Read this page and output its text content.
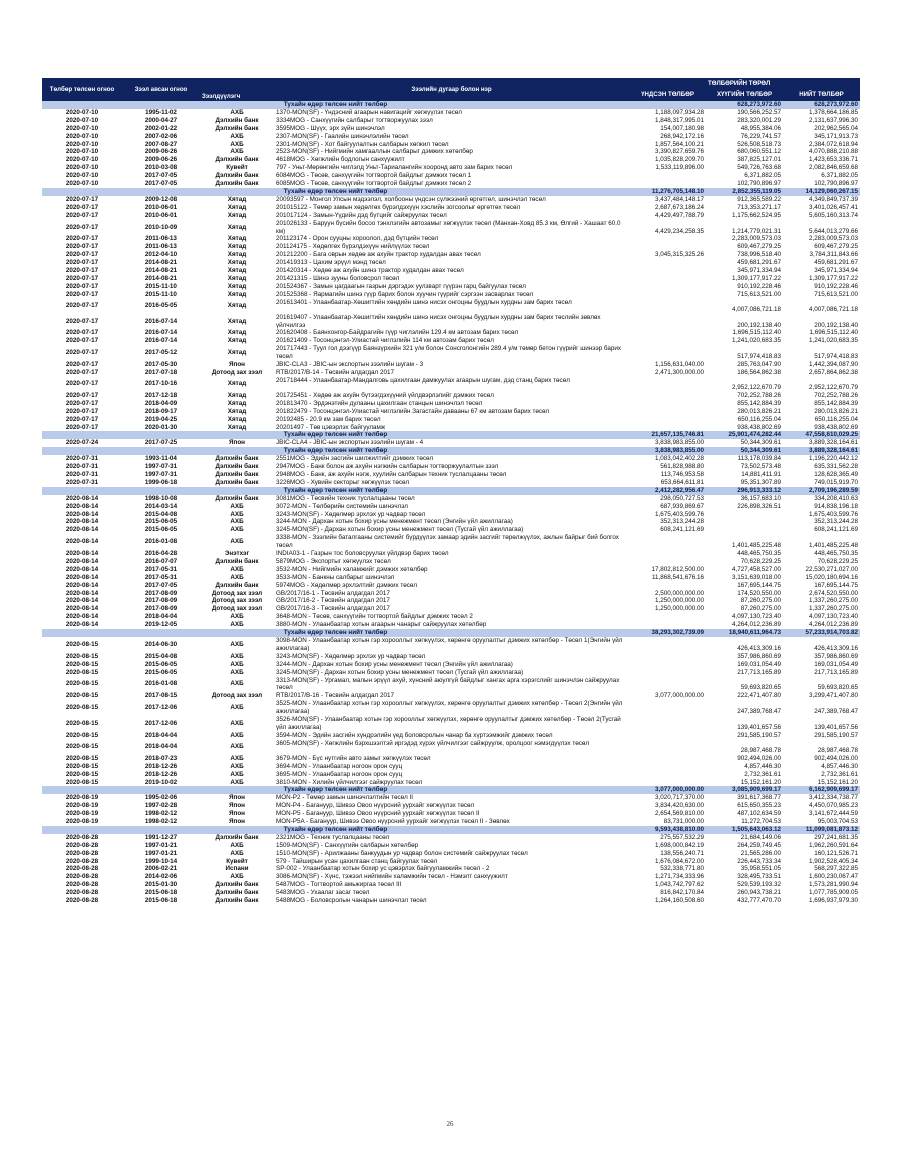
Төлбөр төлсөн огноо	Зээл авсан огноо	Зээлдүүлэгч	Зээлийн дугаар болон нэр		ТӨЛБӨРИЙН ТӨРӨЛ	
				ҮНДСЭН ТӨЛБӨР	ХҮҮГИЙН ТӨЛБӨР	НИЙТ ТӨЛБӨР
Тухайн өдөр төлсөн нийт төлбөр					628,273,972.60	628,273,972.60
2020-07-10	1995-11-02	АХБ	1370-MON(SF) - Үндэсний агаарын навигацийг хөгжүүлэх төсөл	1,188,097,934.28	190,566,252.57	1,378,664,186.85
2020-07-10	2000-04-27	Дэлхийн банк	3334MOG - Санхүүгийн салбарыг тогтворжуулах зээл	1,848,317,995.01	283,320,001.29	2,131,637,996.30
2020-07-10	2002-01-22	Дэлхийн банк	3595MOG - Шүүх, эрх зүйн шинэчлэл	154,007,180.98	48,955,384.06	202,962,565.04
2020-07-10	2007-02-06	АХБ	2307-MON(SF) - Гаалийн шинэчлэлийн төсөл	268,942,172.16	76,229,741.57	345,171,913.73
2020-07-10	2007-08-27	АХБ	2301-MON(SF) - Хот байгуулалтын салбарын хөгжил төсөл	1,857,564,100.21	526,508,518.73	2,384,072,618.94
2020-07-10	2009-06-26	АХБ	2523-MON(SF) - Нийгмийн хамгааллын салбарыг дэмжих хөтөлбөр	3,390,827,659.76	680,060,551.12	4,070,888,210.88
2020-07-10	2009-06-26	Дэлхийн банк	4618MOG - Хөгжлийн бодлогын санхүүжилт	1,035,828,209.70	387,825,127.01	1,423,653,336.71
2020-07-10	2010-03-08	Кувейт	797 - Уньт-Мөрөнгийн чиглэлд Уньт-Тариалангийн хооронд авто зам барих төсөл	1,533,119,896.00	549,726,763.68	2,082,846,659.68
2020-07-10	2017-07-05	Дэлхийн банк	6084MOG - Төсөв, санхүүгийн тогтвортой байдлыг дэмжих төсөл 1		6,371,882.05	6,371,882.05
2020-07-10	2017-07-05	Дэлхийн банк	6085MOG - Төсөв, санхүүгийн тогтвортой байдлыг дэмжих төсөл 2		102,790,896.97	102,790,896.97
Тухайн өдөр төлсөн нийт төлбөр				11,276,705,148.10	2,852,355,119.05	14,129,060,267.15
2020-07-17	2009-12-08	Хятад	20093597 - Монгол Улсын мэдээлэл, холбооны үндсэн сүлжээний өргөтгөл, шинэчлэл төсөл	3,437,484,148.17	912,365,589.22	4,349,849,737.39
2020-07-17	2010-06-01	Хятад	201015122 - Төмөр замын хөдөлгөх бүрэлдэхүүн хэслийн зогсоолыг өргөтгөх төсөл	2,687,673,186.24	713,353,271.17	3,401,026,457.41
2020-07-17	2010-06-01	Хятад	201017124 - Замын-Үүдийн дэд бүтцийг сайжруулах төсөл	4,429,497,788.79	1,175,662,524.95	5,605,160,313.74
2020-07-17	2010-10-09	Хятад	201026133 - Баруун бүсийн босоо тэнхлэгийн автозамыг хөгжүүлэх төсөл (Манхан-Ховд 85.3 км, Өлгий - Хашаат 60.0 км)	4,429,234,258.35	1,214,779,021.31	5,644,013,279.66
2020-07-17	2011-06-13	Хятад	201123174 - Орон сууцны хороолол, дэд бүтцийн төсөл		2,283,009,573.03	2,283,009,573.03
2020-07-17	2011-06-13	Хятад	201124175 - Хөдөлгөх бүрэлдэхүүн нийлүүлэх төсөл		609,467,279.25	609,467,279.25
2020-07-17	2012-04-10	Хятад	201212200 - Бага оврын хөдөө аж ахуйн трактор худалдан авах төсөл	3,045,315,325.26	738,996,518.40	3,784,311,843.66
2020-07-17	2014-08-21	Хятад	201419313 - Цахим эрүүл мэнд төсөл		459,681,291.67	459,681,291.67
2020-07-17	2014-08-21	Хятад	201420314 - Хөдөө аж ахуйн шинэ трактор худалдан авах төсөл		345,971,334.94	345,971,334.94
2020-07-17	2014-08-21	Хятад	201421315 - Шинэ зууны боловсрол төсөл		1,309,177,917.22	1,309,177,917.22
2020-07-17	2015-11-10	Хятад	201524367 - Замын цагдаагын газрын дэргэдэх уулзварт гүүрэн гарц байгуулах төсөл		910,192,228.46	910,192,228.46
2020-07-17	2015-11-10	Хятад	201525368 - Яармагийн шинэ гүүр барих болон хуучин гүүрийг сэргээн засварлах төсөл		715,613,521.00	715,613,521.00
2020-07-17	2016-05-05	Хятад	201613401 - Улаанбаатар-Хөшигтийн хөндийн шинэ нисэх онгоцны буудлын хурдны зам барих төсөл		4,007,086,721.18	4,007,086,721.18
2020-07-17	2016-07-14	Хятад	201619407 - Улаанбаатар-Хөшигтийн хөндийн шинэ нисэх онгоцны буудлын хурдны зам барих төслийн зөвлөх үйлчилгээ		200,192,138.40	200,192,138.40
2020-07-17	2016-07-14	Хятад	201620408 - Баянхонгор-Байдрагийн гүүр чиглэлийн 129.4 км автозам барих төсөл		1,696,515,112.40	1,696,515,112.40
2020-07-17	2016-07-14	Хятад	201621409 - Тосонцэнгэл-Улиастай чиглэлийн 114 км автозам барих төсөл		1,241,020,683.35	1,241,020,683.35
2020-07-17	2017-05-12	Хятад	201717443 - Туул гол дээгүүр Баянзүрхийн 321 у/м болон Сонсголонгийн 289.4 у/м төмөр бетон гүүрийг шинээр барих төсөл		517,974,418.83	517,974,418.83
2020-07-17	2017-05-30	Япон	JBIC-CLA3 - JBIC-ын экспортын зээлийн шугам - 3	1,156,631,040.00	285,763,047.90	1,442,394,087.90
2020-07-17	2017-07-18	Дотоод зах зээл	RTB/2017/B-14 - Төсвийн алдагдал 2017	2,471,300,000.00	186,564,862.38	2,657,864,862.38
2020-07-17	2017-10-16	Хятад	201718444 - Улаанбаатар-Мандалговь цахилгаан дамжуулах агаарын шугам, дэд станц барих төсөл		2,952,122,670.79	2,952,122,670.79
2020-07-17	2017-12-18	Хятад	201725451 - Хөдөө аж ахуйн бүтээгдэхүүний үйлдвэрлэлийг дэмжих төсөл		702,252,788.26	702,252,788.26
2020-07-17	2018-04-09	Хятад	201813470 - Эрдэнэтийн дулааны цахилгаан станцын шинэчлэл төсөл		855,142,884.39	855,142,884.39
2020-07-17	2018-09-17	Хятад	201822479 - Тосонцэнгэл-Улиастай чиглэлийн Загастайн давааны 67 км автозам барих төсөл		280,013,826.21	280,013,826.21
2020-07-17	2019-04-25	Хятад	20192485 - 20.9 км зам барих төсөл		650,116,255.04	650,116,255.04
2020-07-17	2020-01-30	Хятад	20201497 - Төв цэвэрлэх байгууламж		938,438,802.69	938,438,802.69
Тухайн өдөр төлсөн нийт төлбөр				21,657,135,746.81	25,901,474,282.44	47,558,610,029.25
2020-07-24	2017-07-25	Япон	JBIC-CLA4 - JBIC-ын экспортын зээлийн шугам - 4	3,838,983,855.00	50,344,309.61	3,889,328,164.61
Тухайн өдөр төлсөн нийт төлбөр				3,838,983,855.00	50,344,309.61	3,889,328,164.61
2020-07-31	1993-11-04	Дэлхийн банк	2551MOG - Эдийн засгийн шилжилтийг дэмжих төсөл	1,083,042,402.28	113,178,039.84	1,196,220,442.12
2020-07-31	1997-07-31	Дэлхийн банк	2947MOG - Банк болон аж ахуйн нэгжийн салбарын тогтворжуулалтын зээл	561,828,988.80	73,502,573.48	635,331,562.28
2020-07-31	1997-07-31	Дэлхийн банк	2948MOG - Банк, аж ахуйн нэгж, хуулийн салбарын техник туслалцааны төсөл	113,746,953.58	14,881,411.91	128,628,365.49
2020-07-31	1999-06-18	Дэлхийн банк	3226MOG - Хувийн секторыг хөгжүүлэх төсөл	653,664,611.81	95,351,307.89	749,015,919.70
Тухайн өдөр төлсөн нийт төлбөр				2,412,282,956.47	296,913,333.12	2,709,196,289.59
2020-08-14	1998-10-08	Дэлхийн банк	3081MOG - Төсвийн техник туслалцааны төсөл	298,050,727.53	36,157,683.10	334,208,410.63
2020-08-14	2014-03-14	АХБ	3072-MON - Төлбөрийн системийн шинэчлэл	687,939,869.67	226,898,326.51	914,838,196.18
2020-08-14	2015-04-08	АХБ	3243-MON(SF) - Хөдөлмөр эрхлэх ур чадвар төсөл	1,675,403,599.76		1,675,403,599.76
2020-08-14	2015-06-05	АХБ	3244-MON - Дархан хотын бохир усны менежмент төсөл (Энгийн үйл ажиллагаа)	352,313,244.28		352,313,244.28
2020-08-14	2015-06-05	АХБ	3245-MON(SF) - Дархан хотын бохир усны менежмент төсөл (Тусгай үйл ажиллагаа)	608,241,121.69		608,241,121.69
2020-08-14	2016-01-08	АХБ	3338-MON - Зээлийн баталгааны системийг бүрдүүлэх замаар эдийн засгийг төрөлжүүлэх, ажлын байрыг бий болгох төсөл		1,401,485,225.48	1,401,485,225.48
2020-08-14	2016-04-28	Энэтхэг	INDIA03-1 - Газрын тос боловсруулах үйлдвэр барих төсөл		448,465,750.35	448,465,750.35
2020-08-14	2016-07-07	Дэлхийн банк	5879MOG - Экспортыг хөгжүүлэх төсөл		70,628,229.25	70,628,229.25
2020-08-14	2017-05-31	АХБ	3532-MON - Нийгмийн халамжийг дэмжих хөтөлбөр	17,802,812,500.00	4,727,458,527.00	22,530,271,027.00
2020-08-14	2017-05-31	АХБ	3533-MON - Банкны салбарыг шинэчлэл	11,868,541,676.16	3,151,639,018.00	15,020,180,694.16
2020-08-14	2017-07-05	Дэлхийн банк	5974MOG - Хөдөлмөр эрхлэлтийг дэмжих төсөл		167,695,144.75	167,695,144.75
2020-08-14	2017-08-09	Дотоод зах зээл	GB/2017/16-1 - Төсвийн алдагдал 2017	2,500,000,000.00	174,520,550.00	2,674,520,550.00
2020-08-14	2017-08-09	Дотоод зах зээл	GB/2017/16-2 - Төсвийн алдагдал 2017	1,250,000,000.00	87,260,275.00	1,337,260,275.00
2020-08-14	2017-08-09	Дотоод зах зээл	GB/2017/16-3 - Төсвийн алдагдал 2017	1,250,000,000.00	87,260,275.00	1,337,260,275.00
2020-08-14	2018-04-04	АХБ	3648-MON - Төсөв, санхүүгийн тогтвортой байдлыг дэмжих төсөл 2		4,097,130,723.40	4,097,130,723.40
2020-08-14	2019-12-05	АХБ	3880-MON - Улаанбаатар хотын агаарын чанарыг сайжруулах хөтөлбөр		4,264,012,236.89	4,264,012,236.89
Тухайн өдөр төлсөн нийт төлбөр				38,293,302,739.09	18,940,611,964.73	57,233,914,703.82
2020-08-15	2014-06-30	АХБ	3098-MON - Улаанбаатар хотын гэр хорооллыг хөгжүүлэх, хөрөнгө оруулалтыг дэмжих хөтөлбөр - Төсөл 1(Энгийн үйл ажиллагаа)		426,413,309.16	426,413,309.16
2020-08-15	2015-04-08	АХБ	3243-MON(SF) - Хөдөлмөр эрхлэх ур чадвар төсөл		357,986,860.69	357,986,860.69
2020-08-15	2015-06-05	АХБ	3244-MON - Дархан хотын бохир усны менежмент төсөл (Энгийн үйл ажиллагаа)		169,031,054.49	169,031,054.49
2020-08-15	2015-06-05	АХБ	3245-MON(SF) - Дархан хотын бохир усны менежмент төсөл (Тусгай үйл ажиллагаа)		217,713,165.89	217,713,165.89
2020-08-15	2016-01-08	АХБ	3313-MON(SF) - Ургамал, малын эрүүл ахуй, хүнсний аюулгүй байдлыг хангах арга хэрэгслийг шинэчлэн сайжруулах төсөл		59,693,820.65	59,693,820.65
2020-08-15	2017-08-15	Дотоод зах зээл	RTB/2017/B-16 - Төсвийн алдагдал 2017	3,077,000,000.00	222,471,407.80	3,299,471,407.80
2020-08-15	2017-12-06	АХБ	3525-MON - Улаанбаатар хотын гэр хорооллыг хөгжүүлэх, хөрөнгө оруулалтыг дэмжих хөтөлбөр - Төсөл 2(Энгийн үйл ажиллагаа)		247,389,768.47	247,389,768.47
2020-08-15	2017-12-06	АХБ	3526-MON(SF) - Улаанбаатар хотын гэр хорооллыг хөгжүүлэх, хөрөнгө оруулалтыг дэмжих хөтөлбөр - Төсөл 2(Тусгай үйл ажиллагаа)		139,401,657.56	139,401,657.56
2020-08-15	2018-04-04	АХБ	3594-MON - Эдийн засгийн хүндрэлийн үед боловсролын чанар ба хүртээмжийг дэмжих төсөл		291,585,190.57	291,585,190.57
2020-08-15	2018-04-04	АХБ	3605-MON(SF) - Хөгжлийн бэрхшээлтэй иргэдэд хүрэх үйлчилгээг сайжруулж, оролцоог нэмэгдүүлэх төсөл		28,987,468.78	28,987,468.78
2020-08-15	2018-07-23	АХБ	3679-MON - Бүс нутгийн авто замыг хөгжүүлэх төсөл		902,494,026.00	902,494,026.00
2020-08-15	2018-12-26	АХБ	3694-MON - Улаанбаатар ногоон орон сууц		4,857,446.30	4,857,446.30
2020-08-15	2018-12-26	АХБ	3695-MON - Улаанбаатар ногоон орон сууц		2,732,361.61	2,732,361.61
2020-08-15	2019-10-02	АХБ	3810-MON - Хилийн үйлчилгээг сайжруулах төсөл		15,152,161.20	15,152,161.20
Тухайн өдөр төлсөн нийт төлбөр				3,077,000,000.00	3,085,909,699.17	6,162,909,699.17
2020-08-19	1995-02-06	Япон	MON-P2 - Төмөр замын шинэчлэлтийн төсөл II	3,020,717,370.00	391,617,368.77	3,412,334,738.77
2020-08-19	1997-02-28	Япон	MON-P4 - Багануур, Шивээ Овоо нүүрсний уурхайг хөгжүүлэх төсөл	3,834,420,630.00	615,650,355.23	4,450,070,985.23
2020-08-19	1998-02-12	Япон	MON-P5 - Багануур, Шивээ Овоо нүүрсний уурхайг хөгжүүлэх төсөл II	2,654,569,810.00	487,102,634.59	3,141,672,444.59
2020-08-19	1998-02-12	Япон	MON-P5A - Багануур, Шивээ Овоо нүүрсний уурхайг хөгжүүлэх төсөл II - Зөвлөх	83,731,000.00	11,272,704.53	95,003,704.53
Тухайн өдөр төлсөн нийт төлбөр				9,593,438,810.00	1,505,643,063.12	11,099,081,873.12
2020-08-28	1991-12-27	Дэлхийн банк	2321MOG - Техник туслалцааны төсөл	275,557,532.29	21,684,149.06	297,241,681.35
2020-08-28	1997-01-21	АХБ	1509-MON(SF) - Санхүүгийн салбарын хөтөлбөр	1,698,000,842.19	264,259,749.45	1,962,260,591.64
2020-08-28	1997-01-21	АХБ	1510-MON(SF) - Арилжааны банкуудын ур чадвар болон системийг сайжруулах төсөл	138,556,240.71	21,565,286.00	160,121,526.71
2020-08-28	1999-10-14	Кувейт	579 - Тайширын усан цахилгаан станц байгуулах төсөл	1,676,084,672.00	226,443,733.34	1,902,528,405.34
2020-08-28	2006-02-21	Испани	SP-002 - Улаанбаатар хотын бохир ус цэвэрлэх байгууламжийн төсөл - 2	532,338,771.80	35,958,551.05	568,297,322.85
2020-08-28	2014-02-06	АХБ	3086-MON(SF) - Хүнс, тэжээл нийгмийн халамжийн төсөл - Нэмэлт санхүүжилт	1,271,734,333.96	328,495,733.51	1,600,230,067.47
2020-08-28	2015-01-30	Дэлхийн банк	5487MOG - Тогтвортой амьжиргаа төсөл III	1,043,742,797.62	529,539,193.32	1,573,281,990.94
2020-08-28	2015-06-18	Дэлхийн банк	5483MOG - Ухаалаг засаг төсөл	816,842,170.84	260,943,738.21	1,077,785,909.05
2020-08-28	2015-06-18	Дэлхийн банк	5488MOG - Боловсролын чанарын шинэчлэл төсөл	1,264,160,508.60	432,777,470.70	1,696,937,979.30
26
